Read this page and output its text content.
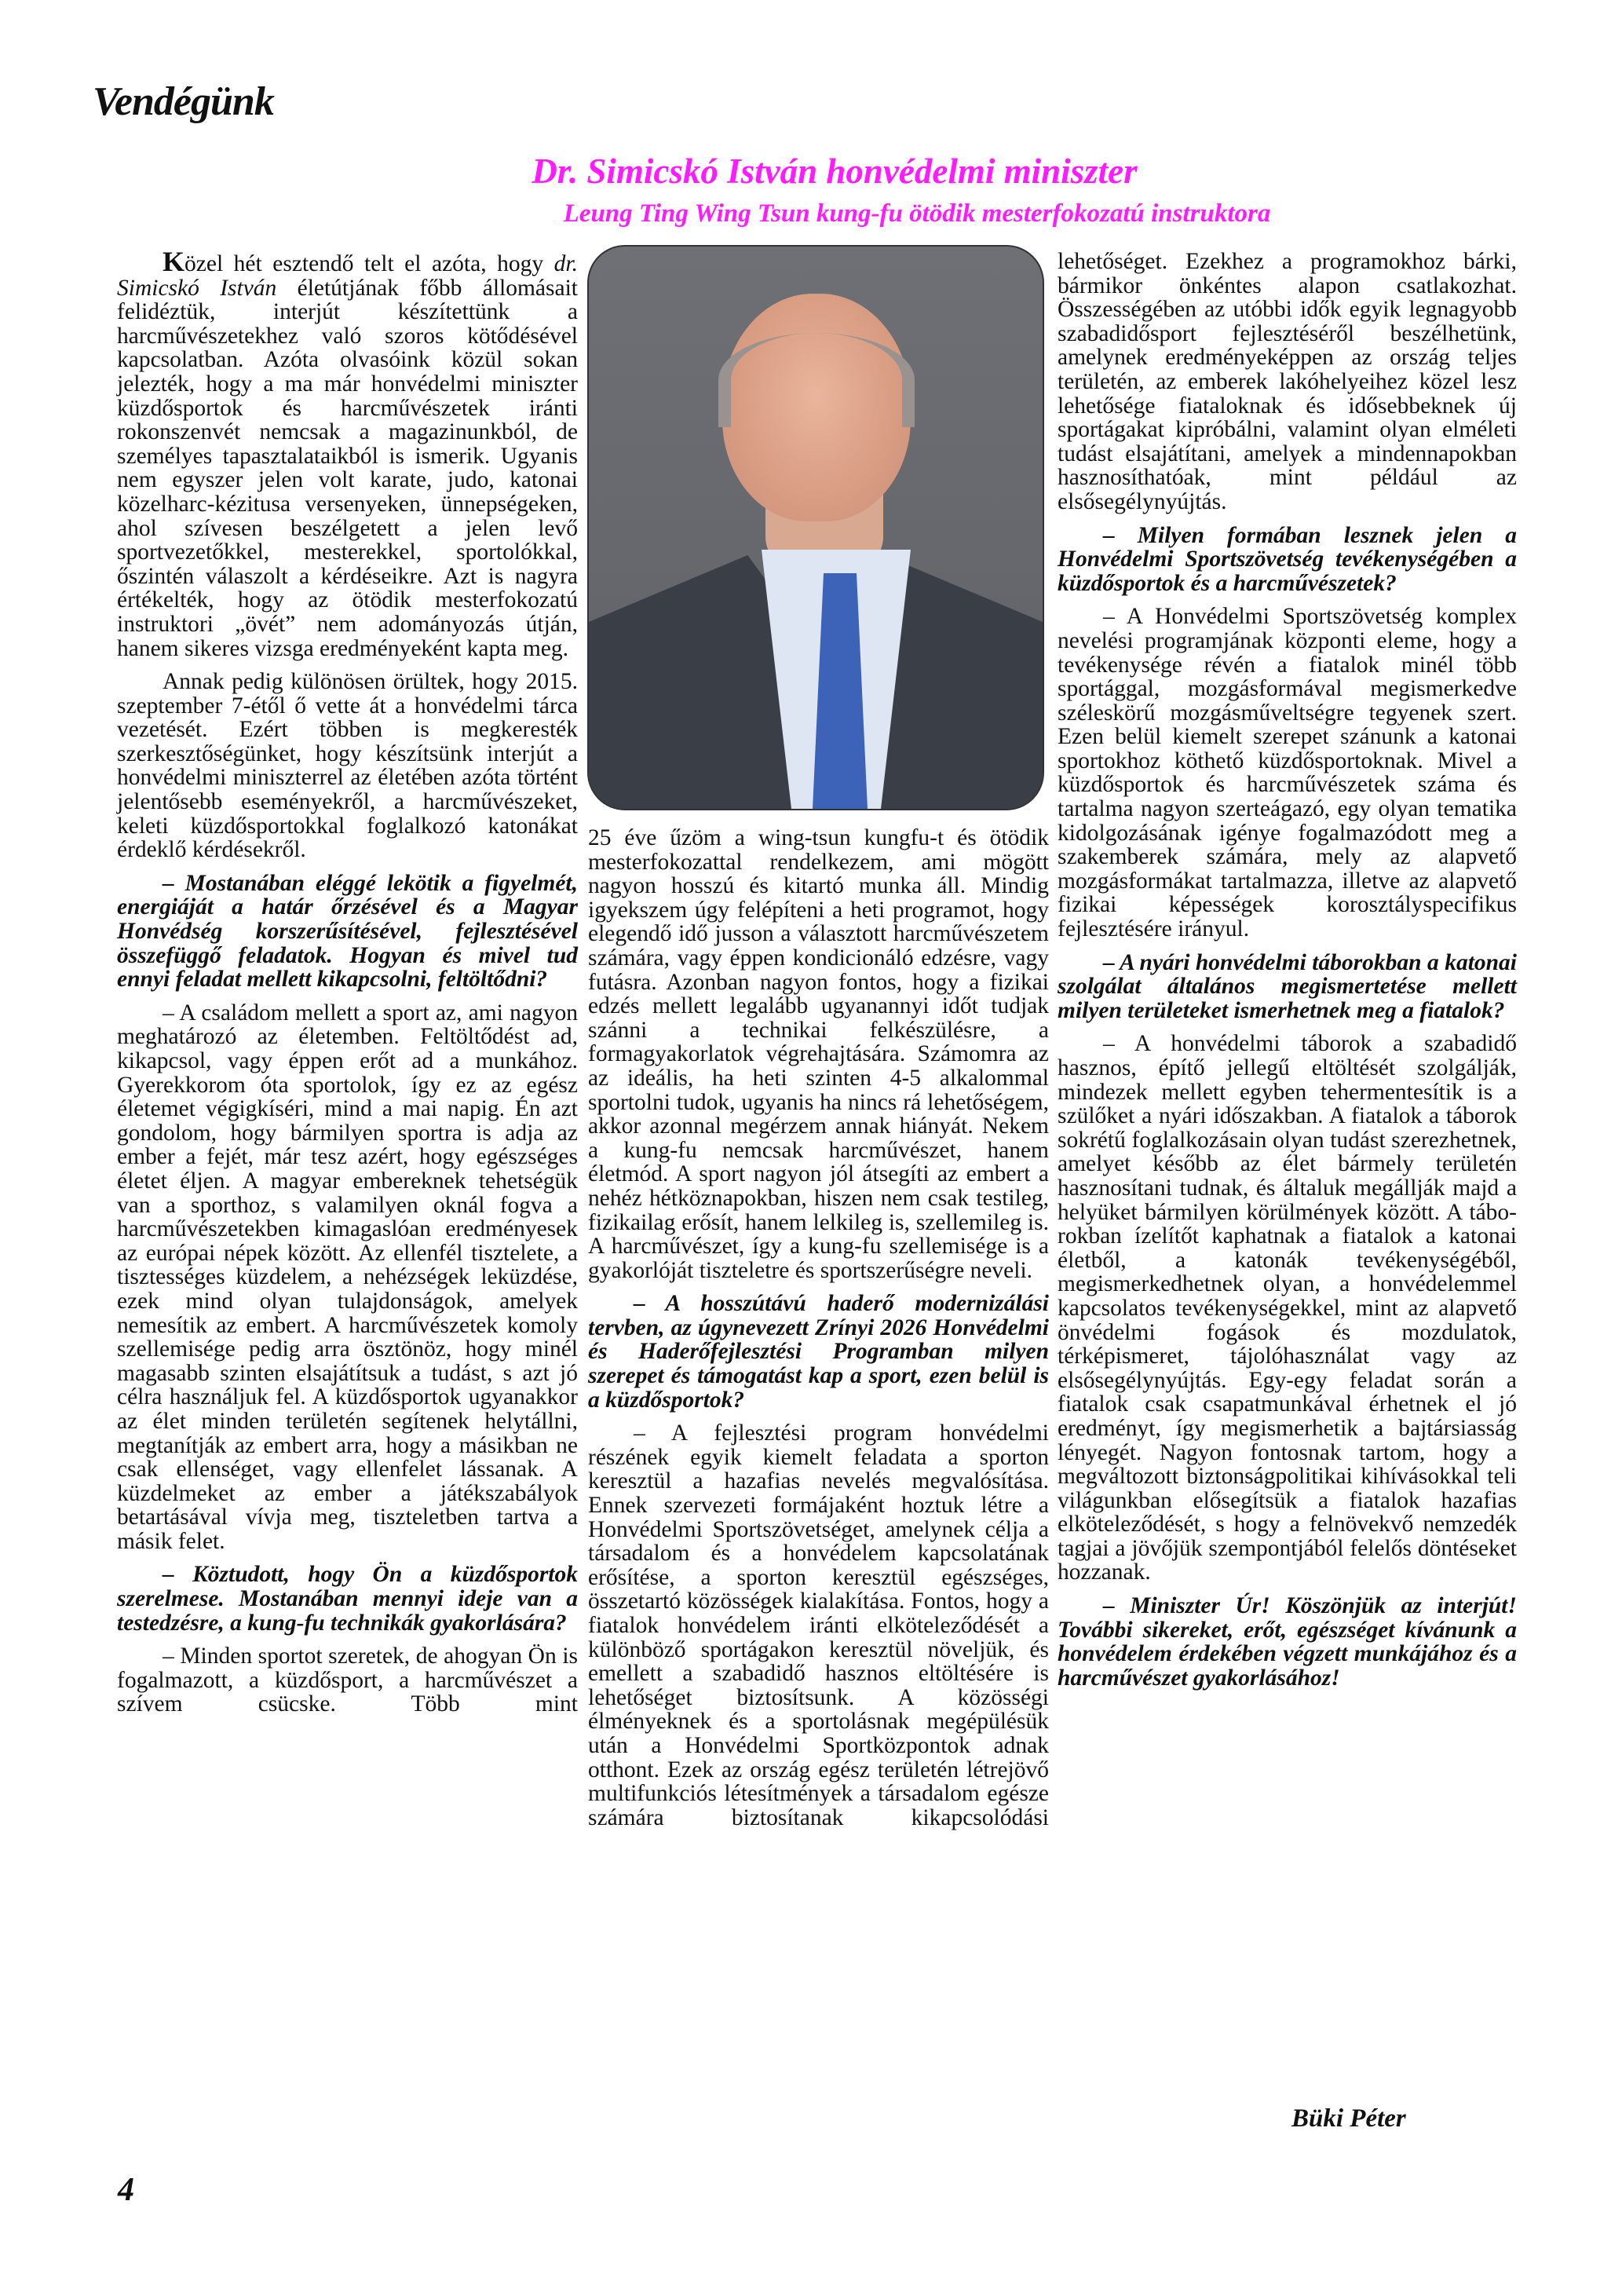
Vendégünk
Dr. Simicskó István honvédelmi miniszter
Leung Ting Wing Tsun kung-fu ötödik mesterfokozatú instruktora

Közel hét esztendő telt el azóta, hogy dr. Simicskó István életútjának főbb állomásait felidéztük, interjút készítettünk a harcművészetekhez való szoros kötődésével kapcsolatban. Azóta olvasóink közül sokan jelezték, hogy a ma már honvédelmi miniszter küzdősportok és harcművészetek iránti rokonszenvét nemcsak a magazinunkból, de személyes tapasztalataikból is ismerik. Ugyanis nem egyszer jelen volt karate, judo, katonai közelharc-kézitusa versenyeken, ünnepségeken, ahol szívesen beszélgetett a jelen levő sportvezetőkkel, mesterekkel, sportolókkal, őszintén válaszolt a kérdéseikre. Azt is nagyra értékelték, hogy az ötödik mesterfokozatú instruktori „övét” nem adományozás útján, hanem sikeres vizsga eredményeként kapta meg.

Annak pedig különösen örültek, hogy 2015. szeptember 7-étől ő vette át a honvédelmi tárca vezetését. Ezért többen is megkeresték szerkesztőségünket, hogy készítsünk interjút a honvédelmi miniszterrel az életében azóta történt jelentősebb eseményekről, a harcművészeket, keleti küzdősportokkal foglalkozó katonákat érdeklő kérdésekről.

– Mostanában eléggé lekötik a figyelmét, energiáját a határ őrzésével és a Magyar Honvédség korszerűsítésével, fejlesztésével összefüggő feladatok. Hogyan és mivel tud ennyi feladat mellett kikapcsolni, feltöltődni?

– A családom mellett a sport az, ami nagyon meghatározó az életemben. Feltöltődést ad, kikapcsol, vagy éppen erőt ad a munkához. Gyerekkorom óta sportolok, így ez az egész életemet végigkíséri, mind a mai napig. Én azt gondolom, hogy bármilyen sportra is adja az ember a fejét, már tesz azért, hogy egészséges életet éljen. A magyar embereknek tehetségük van a sporthoz, s valamilyen oknál fogva a harcművészetekben kimagaslóan eredményesek az európai népek között. Az ellenfél tisztelete, a tisztességes küzdelem, a nehézségek leküzdése, ezek mind olyan tulajdonságok, amelyek nemesítik az embert. A harcművészetek komoly szellemisége pedig arra ösztönöz, hogy minél magasabb szinten elsajátítsuk a tudást, s azt jó célra használjuk fel. A küzdősportok ugyanakkor az élet minden területén segítenek helytállni, megtanítják az embert arra, hogy a másikban ne csak ellenséget, vagy ellenfelet lássanak. A küzdelmeket az ember a játékszabályok betartásával vívja meg, tiszteletben tartva a másik felet.

– Köztudott, hogy Ön a küzdősportok szerelmese. Mostanában mennyi ideje van a testedzésre, a kung-fu technikák gyakorlására?

– Minden sportot szeretek, de ahogyan Ön is fogalmazott, a küzdősport, a harcművészet a szívem csücske. Több mint

25 éve űzöm a wing-tsun kungfu-t és ötödik mesterfokozattal rendelkezem, ami mögött nagyon hosszú és kitartó munka áll. Mindig igyekszem úgy felépíteni a heti programot, hogy elegendő idő jusson a választott harcművészetem számára, vagy éppen kondicionáló edzésre, vagy futásra. Azonban nagyon fontos, hogy a fizikai edzés mellett legalább ugyanannyi időt tudjak szánni a technikai felkészülésre, a formagyakorlatok végrehajtására. Számomra az az ideális, ha heti szinten 4-5 alkalommal sportolni tudok, ugyanis ha nincs rá lehetőségem, akkor azonnal megérzem annak hiányát. Nekem a kung-fu nemcsak harcművészet, hanem életmód. A sport nagyon jól átsegíti az embert a nehéz hétköznapokban, hiszen nem csak testileg, fizikailag erősít, hanem lelkileg is, szellemileg is. A harcművészet, így a kung-fu szellemisége is a gyakorlóját tiszteletre és sportszerűségre neveli.

– A hosszútávú haderő modernizálási tervben, az úgynevezett Zrínyi 2026 Honvédelmi és Haderőfejlesztési Programban milyen szerepet és támogatást kap a sport, ezen belül is a küzdősportok?

– A fejlesztési program honvédelmi részének egyik kiemelt feladata a sporton keresztül a hazafias nevelés megvalósítása. Ennek szervezeti formájaként hoztuk létre a Honvédelmi Sportszövetséget, amelynek célja a társadalom és a honvédelem kapcsolatának erősítése, a sporton keresztül egészséges, összetartó közösségek kialakítása. Fontos, hogy a fiatalok honvédelem iránti elköteleződését a különböző sportágakon keresztül növeljük, és emellett a szabadidő hasznos eltöltésére is lehetőséget biztosítsunk. A közösségi élményeknek és a sportolásnak megépülésük után a Honvédelmi Sportközpontok adnak otthont. Ezek az ország egész területén létrejövő multifunkciós létesítmények a társadalom egésze számára biztosítanak kikapcsolódási

lehetőséget. Ezekhez a programokhoz bárki, bármikor önkéntes alapon csatlakozhat. Összességében az utóbbi idők egyik legnagyobb szabadidősport fejlesztéséről beszélhetünk, amelynek eredményeképpen az ország teljes területén, az emberek lakóhelyeihez közel lesz lehetősége fiataloknak és idősebbeknek új sportágakat kipróbálni, valamint olyan elméleti tudást elsajátítani, amelyek a mindennapokban hasznosíthatóak, mint például az elsősegélynyújtás.

– Milyen formában lesznek jelen a Honvédelmi Sportszövetség tevékenységében a küzdősportok és a harcművészetek?

– A Honvédelmi Sportszövetség komplex nevelési programjának központi eleme, hogy a tevékenysége révén a fiatalok minél több sportággal, mozgásformával megismerkedve széleskörű mozgásműveltségre tegyenek szert. Ezen belül kiemelt szerepet szánunk a katonai sportokhoz köthető küzdősportoknak. Mivel a küzdősportok és harcművészetek száma és tartalma nagyon szerteágazó, egy olyan tematika kidolgozásának igénye fogalmazódott meg a szakemberek számára, mely az alapvető mozgásformákat tartalmazza, illetve az alapvető fizikai képességek korosztályspecifikus fejlesztésére irányul.

– A nyári honvédelmi táborokban a katonai szolgálat általános megismertetése mellett milyen területeket ismerhetnek meg a fiatalok?

– A honvédelmi táborok a szabadidő hasznos, építő jellegű eltöltését szolgálják, mindezek mellett egyben tehermentesítik is a szülőket a nyári időszakban. A fiatalok a táborok sokrétű foglalkozásain olyan tudást szerezhetnek, amelyet később az élet bármely területén hasznosítani tudnak, és általuk megállják majd a helyüket bármilyen körülmények között. A táborokban ízelítőt kaphatnak a fiatalok a katonai életből, a katonák tevékenységéből, megismerkedhetnek olyan, a honvédelemmel kapcsolatos tevékenységekkel, mint az alapvető önvédelmi fogások és mozdulatok, térképismeret, tájolóhasználat vagy az elsősegélynyújtás. Egy-egy feladat során a fiatalok csak csapatmunkával érhetnek el jó eredményt, így megismerhetik a bajtársiasság lényegét. Nagyon fontosnak tartom, hogy a megváltozott biztonságpolitikai kihívásokkal teli világunkban elősegítsük a fiatalok hazafias elköteleződését, s hogy a felnövekvő nemzedék tagjai a jövőjük szempontjából felelős döntéseket hozzanak.

– Miniszter Úr! Köszönjük az interjút! További sikereket, erőt, egészséget kívánunk a honvédelem érdekében végzett munkájához és a harcművészet gyakorlásához!

Büki Péter
4
